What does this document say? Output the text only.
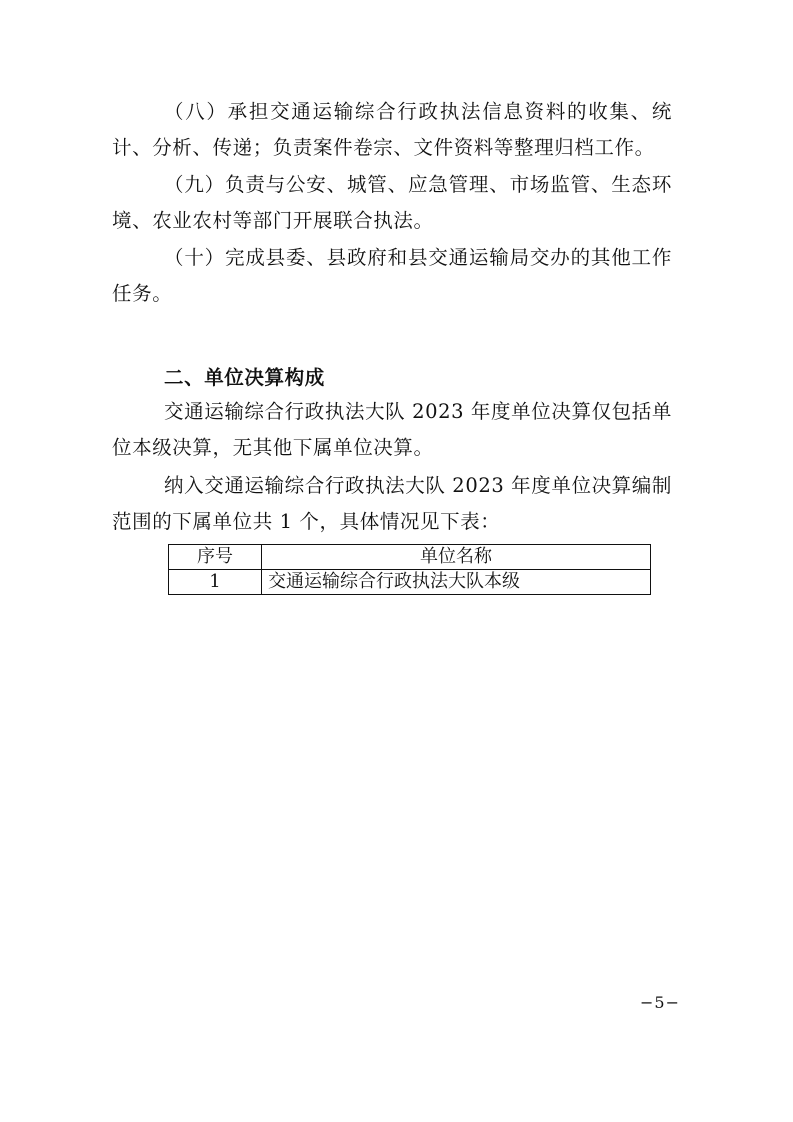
（八）承担交通运输综合行政执法信息资料的收集、统计、分析、传递；负责案件卷宗、文件资料等整理归档工作。

（九）负责与公安、城管、应急管理、市场监管、生态环境、农业农村等部门开展联合执法。

（十）完成县委、县政府和县交通运输局交办的其他工作任务。

二、单位决算构成

交通运输综合行政执法大队 2023 年度单位决算仅包括单位本级决算，无其他下属单位决算。

纳入交通运输综合行政执法大队 2023 年度单位决算编制范围的下属单位共 1 个，具体情况见下表：

序号	单位名称
1	交通运输综合行政执法大队本级
−5−
